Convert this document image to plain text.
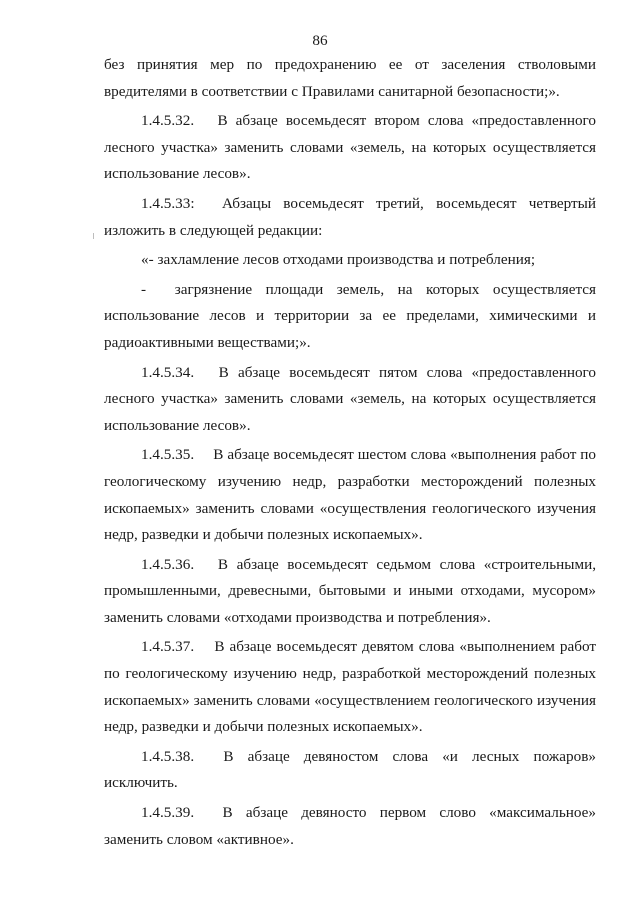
86

без принятия мер по предохранению ее от заселения стволовыми вредителями в соответствии с Правилами санитарной безопасности;».

1.4.5.32.  В абзаце восемьдесят втором слова «предоставленного лесного участка» заменить словами «земель, на которых осуществляется использование лесов».

1.4.5.33:  Абзацы восемьдесят третий, восемьдесят четвертый изложить в следующей редакции:

«- захламление лесов отходами производства и потребления;

-  загрязнение площади земель, на которых осуществляется использование лесов и территории за ее пределами, химическими и радиоактивными веществами;».

1.4.5.34.  В абзаце восемьдесят пятом слова «предоставленного лесного участка» заменить словами «земель, на которых осуществляется использование лесов».

1.4.5.35.  В абзаце восемьдесят шестом слова «выполнения работ по геологическому изучению недр, разработки месторождений полезных ископаемых» заменить словами «осуществления геологического изучения недр, разведки и добычи полезных ископаемых».

1.4.5.36.  В абзаце восемьдесят седьмом слова «строительными, промышленными, древесными, бытовыми и иными отходами, мусором» заменить словами «отходами производства и потребления».

1.4.5.37.  В абзаце восемьдесят девятом слова «выполнением работ по геологическому изучению недр, разработкой месторождений полезных ископаемых» заменить словами «осуществлением геологического изучения недр, разведки и добычи полезных ископаемых».

1.4.5.38.  В абзаце девяностом слова «и лесных пожаров» исключить.

1.4.5.39.  В абзаце девяносто первом слово «максимальное» заменить словом «активное».
